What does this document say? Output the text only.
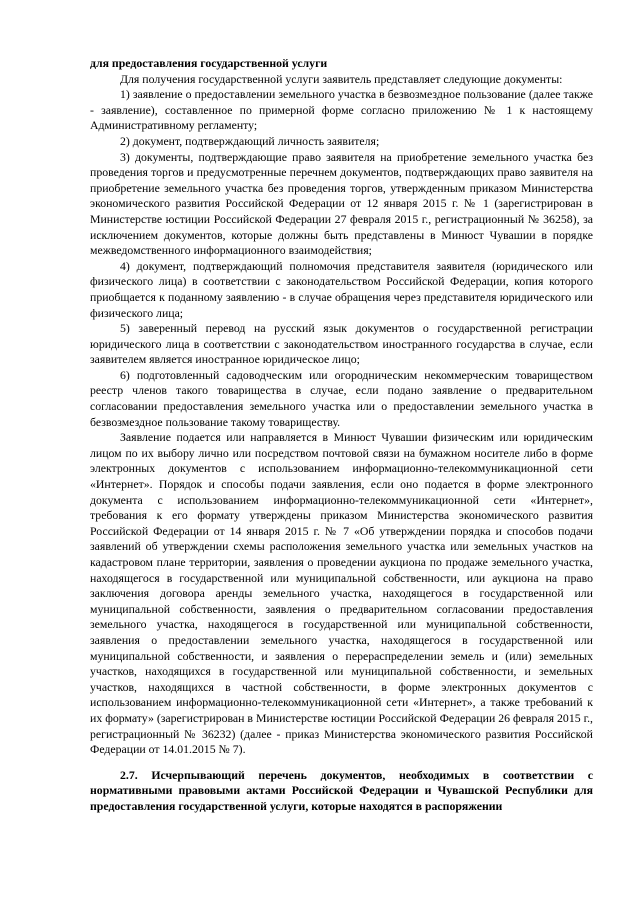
для предоставления государственной услуги

Для получения государственной услуги заявитель представляет следующие документы:

1) заявление о предоставлении земельного участка в безвозмездное пользование (далее также - заявление), составленное по примерной форме согласно приложению № 1 к настоящему Административному регламенту;

2) документ, подтверждающий личность заявителя;

3) документы, подтверждающие право заявителя на приобретение земельного участка без проведения торгов и предусмотренные перечнем документов, подтверждающих право заявителя на приобретение земельного участка без проведения торгов, утвержденным приказом Министерства экономического развития Российской Федерации от 12 января 2015 г. № 1 (зарегистрирован в Министерстве юстиции Российской Федерации 27 февраля 2015 г., регистрационный № 36258), за исключением документов, которые должны быть представлены в Минюст Чувашии в порядке межведомственного информационного взаимодействия;

4) документ, подтверждающий полномочия представителя заявителя (юридического или физического лица) в соответствии с законодательством Российской Федерации, копия которого приобщается к поданному заявлению - в случае обращения через представителя юридического или физического лица;

5) заверенный перевод на русский язык документов о государственной регистрации юридического лица в соответствии с законодательством иностранного государства в случае, если заявителем является иностранное юридическое лицо;

6) подготовленный садоводческим или огородническим некоммерческим товариществом реестр членов такого товарищества в случае, если подано заявление о предварительном согласовании предоставления земельного участка или о предоставлении земельного участка в безвозмездное пользование такому товариществу.

Заявление подается или направляется в Минюст Чувашии физическим или юридическим лицом по их выбору лично или посредством почтовой связи на бумажном носителе либо в форме электронных документов с использованием информационно-телекоммуникационной сети «Интернет». Порядок и способы подачи заявления, если оно подается в форме электронного документа с использованием информационно-телекоммуникационной сети «Интернет», требования к его формату утверждены приказом Министерства экономического развития Российской Федерации от 14 января 2015 г. № 7 «Об утверждении порядка и способов подачи заявлений об утверждении схемы расположения земельного участка или земельных участков на кадастровом плане территории, заявления о проведении аукциона по продаже земельного участка, находящегося в государственной или муниципальной собственности, или аукциона на право заключения договора аренды земельного участка, находящегося в государственной или муниципальной собственности, заявления о предварительном согласовании предоставления земельного участка, находящегося в государственной или муниципальной собственности, заявления о предоставлении земельного участка, находящегося в государственной или муниципальной собственности, и заявления о перераспределении земель и (или) земельных участков, находящихся в государственной или муниципальной собственности, и земельных участков, находящихся в частной собственности, в форме электронных документов с использованием информационно-телекоммуникационной сети «Интернет», а также требований к их формату» (зарегистрирован в Министерстве юстиции Российской Федерации 26 февраля 2015 г., регистрационный № 36232) (далее - приказ Министерства экономического развития Российской Федерации от 14.01.2015 № 7).

2.7. Исчерпывающий перечень документов, необходимых в соответствии с нормативными правовыми актами Российской Федерации и Чувашской Республики для предоставления государственной услуги, которые находятся в распоряжении
